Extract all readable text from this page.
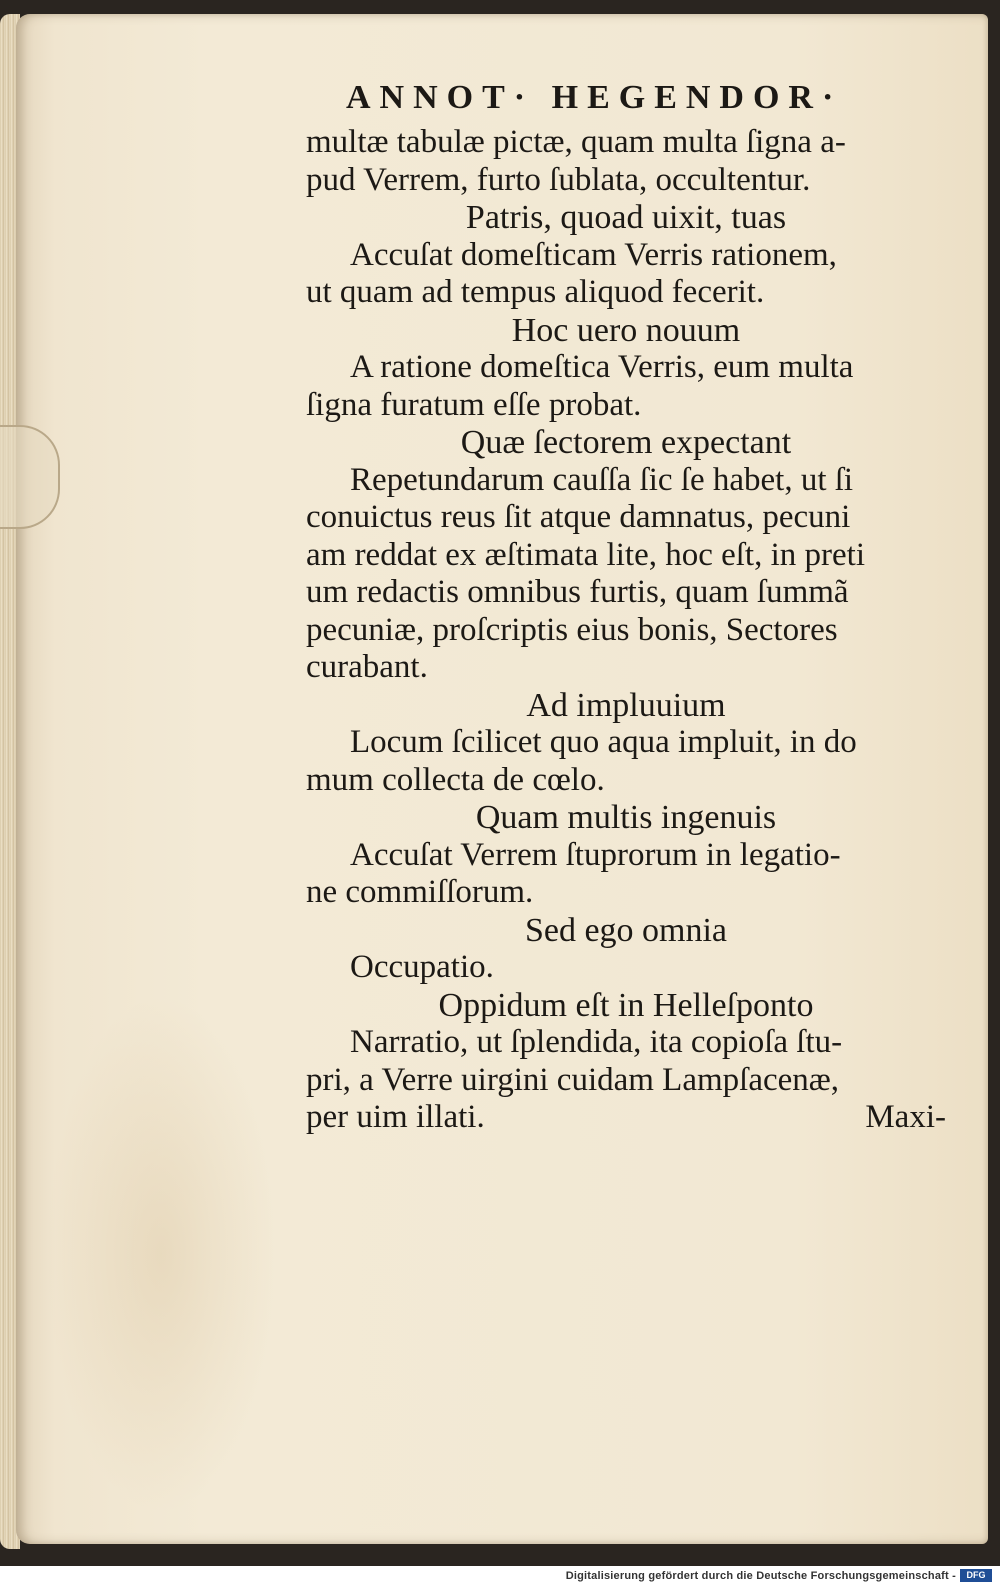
ANNOT· HEGENDOR·
multæ tabulæ pictæ, quam multa ſigna a-
pud Verrem, furto ſublata, occultentur.
Patris, quoad uixit, tuas
Accuſat domeſticam Verris rationem,
ut quam ad tempus aliquod fecerit.
Hoc uero nouum
A ratione domeſtica Verris, eum multa
ſigna furatum eſſe probat.
Quæ ſectorem expectant
Repetundarum cauſſa ſic ſe habet, ut ſi
conuictus reus ſit atque damnatus, pecuni
am reddat ex æſtimata lite, hoc eſt, in preti
um redactis omnibus furtis, quam ſummã
pecuniæ, proſcriptis eius bonis, Sectores
curabant.
Ad impluuium
Locum ſcilicet quo aqua impluit, in do
mum collecta de cœlo.
Quam multis ingenuis
Accuſat Verrem ſtuprorum in legatio-
ne commiſſorum.
Sed ego omnia
Occupatio.
Oppidum eſt in Helleſponto
Narratio, ut ſplendida, ita copioſa ſtu-
pri, a Verre uirgini cuidam Lampſacenæ,
per uim illati.	Maxi-
Digitalisierung gefördert durch die Deutsche Forschungsgemeinschaft -	DFG
